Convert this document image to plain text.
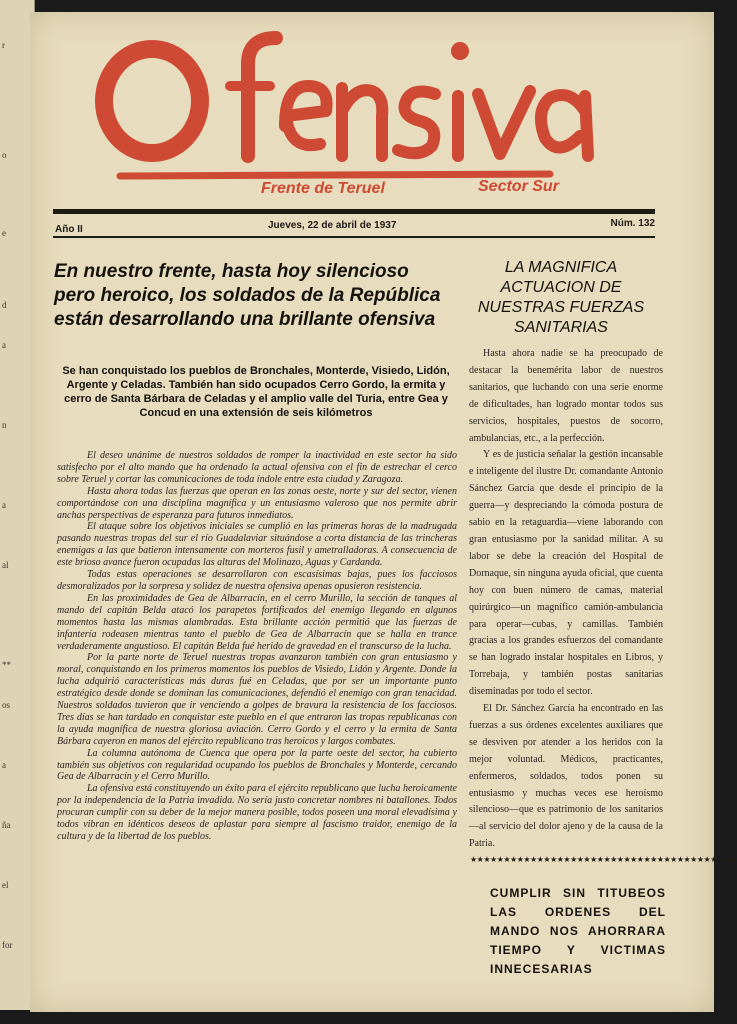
r
o
e
d
a
n
a
al
**
os
a
ña
el
for
Frente de Teruel	Sector Sur
Año II	Jueves, 22 de abril de 1937	Núm. 132
En nuestro frente, hasta hoy silencioso pero heroico, los soldados de la República están desarrollando una brillante ofensiva
Se han conquistado los pueblos de Bronchales, Monterde, Visiedo, Lidón, Argente y Celadas. También han sido ocupados Cerro Gordo, la ermita y cerro de Santa Bárbara de Celadas y el amplio valle del Turia, entre Gea y Concud en una extensión de seis kilómetros

El deseo unánime de nuestros soldados de romper la inactividad en este sector ha sido satisfecho por el alto mando que ha ordenado la actual ofensiva con el fin de estrechar el cerco sobre Teruel y cortar las comunicaciones de toda índole entre esta ciudad y Zaragoza.

Hasta ahora todas las fuerzas que operan en las zonas oeste, norte y sur del sector, vienen comportándose con una disciplina magnífica y un entusiasmo valeroso que nos permite abrir anchas perspectivas de esperanza para futuros inmediatos.

El ataque sobre los objetivos iniciales se cumplió en las primeras horas de la madrugada pasando nuestras tropas del sur el río Guadalaviar situándose a corta distancia de las trincheras enemigas a las que batieron intensamente con morteros fusil y ametralladoras. A consecuencia de este brioso avance fueron ocupadas las alturas del Molinazo, Aguas y Cardanda.

Todas estas operaciones se desarrollaron con escasísimas bajas, pues los facciosos desmoralizados por la sorpresa y solidez de nuestra ofensiva apenas opusieron resistencia.

En las proximidades de Gea de Albarracín, en el cerro Murillo, la sección de tanques al mando del capitán Belda atacó los parapetos fortificados del enemigo llegando en algunos momentos hasta las mismas alambradas. Esta brillante acción permitió que las fuerzas de infantería rodeasen mientras tanto el pueblo de Gea de Albarracín que se halla en trance verdaderamente angustioso. El capitán Belda fué herido de gravedad en el transcurso de la lucha.

Por la parte norte de Teruel nuestras tropas avanzaron también con gran entusiasmo y moral, conquistando en los primeros momentos los pueblos de Visiedo, Lidón y Argente. Donde la lucha adquirió características más duras fué en Celadas, que por ser un importante punto estratégico desde donde se dominan las comunicaciones, defendió el enemigo con gran tenacidad. Nuestros soldados tuvieron que ir venciendo a golpes de bravura la resistencia de los facciosos. Tres días se han tardado en conquistar este pueblo en el que entraron las tropas republicanas con la ayuda magnífica de nuestra gloriosa aviación. Cerro Gordo y el cerro y la ermita de Santa Bárbara cayeron en manos del ejército republicano tras heroicos y largos combates.

La columna autónoma de Cuenca que opera por la parte oeste del sector, ha cubierto también sus objetivos con regularidad ocupando los pueblos de Bronchales y Monterde, cercando Gea de Albarracín y el Cerro Murillo.

La ofensiva está constituyendo un éxito para el ejército republicano que lucha heroicamente por la independencia de la Patria invadida. No sería justo concretar nombres ni batallones. Todos procuran cumplir con su deber de la mejor manera posible, todos poseen una moral elevadísima y todos vibran en idénticos deseos de aplastar para siempre al fascismo traidor, enemigo de la cultura y de la libertad de los pueblos.

LA MAGNIFICA ACTUACION DE NUESTRAS FUERZAS SANITARIAS

Hasta ahora nadie se ha preocupado de destacar la benemérita labor de nuestros sanitarios, que luchando con una serie enorme de dificultades, han logrado montar todos sus servicios, hospitales, puestos de socorro, ambulancias, etc., a la perfección.

Y es de justicia señalar la gestión incansable e inteligente del ilustre Dr. comandante Antonio Sánchez García que desde el principio de la guerra—y despreciando la cómoda postura de sabio en la retaguardia—viene laborando con gran entusiasmo por la sanidad militar. A su labor se debe la creación del Hospital de Dornaque, sin ninguna ayuda oficial, que cuenta hoy con buen número de camas, material quirúrgico—un magnífico camión-ambulancia para operar—cubas, y camillas. También gracias a los grandes esfuerzos del comandante se han logrado instalar hospitales en Libros, y Torrebaja, y también postas sanitarias diseminadas por todo el sector.

El Dr. Sánchez García ha encontrado en las fuerzas a sus órdenes excelentes auxiliares que se desviven por atender a los heridos con la mejor voluntad. Médicos, practicantes, enfermeros, soldados, todos ponen su entusiasmo y muchas veces ese heroísmo silencioso—que es patrimonio de los sanitarios—al servicio del dolor ajeno y de la causa de la Patria.

★★★★★★★★★★★★★★★★★★★★★★★★★★★★★★★★★★★★★★★★
CUMPLIR SIN TITUBEOS LAS ORDENES DEL MANDO NOS AHORRARA TIEMPO Y VICTIMAS INNECESARIAS
